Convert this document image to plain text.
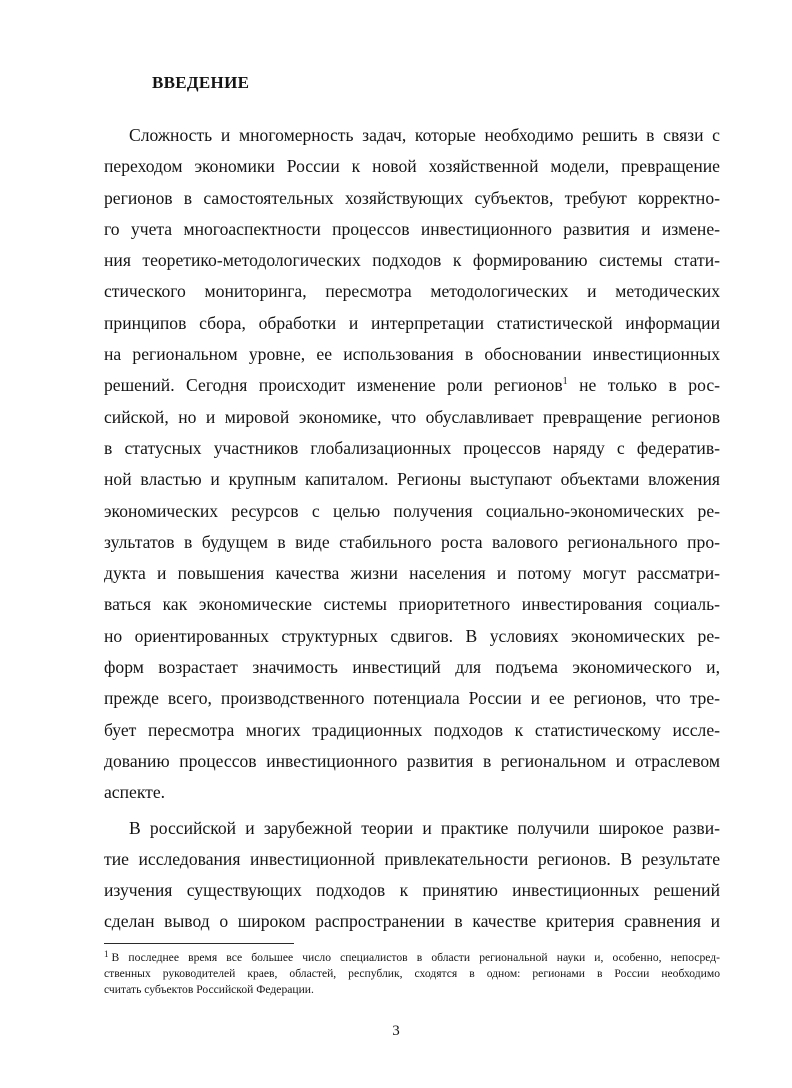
ВВЕДЕНИЕ

Сложность и многомерность задач, которые необходимо решить в связи с
переходом экономики России к новой хозяйственной модели, превращение
регионов в самостоятельных хозяйствующих субъектов, требуют корректно-
го учета многоаспектности процессов инвестиционного развития и измене-
ния теоретико-методологических подходов к формированию системы стати-
стического мониторинга, пересмотра методологических и методических
принципов сбора, обработки и интерпретации статистической информации
на региональном уровне, ее использования в обосновании инвестиционных
решений. Сегодня происходит изменение роли регионов$^1$ не только в рос-
сийской, но и мировой экономике, что обуславливает превращение регионов
в статусных участников глобализационных процессов наряду с федератив-
ной властью и крупным капиталом. Регионы выступают объектами вложения
экономических ресурсов с целью получения социально-экономических ре-
зультатов в будущем в виде стабильного роста валового регионального про-
дукта и повышения качества жизни населения и потому могут рассматри-
ваться как экономические системы приоритетного инвестирования социаль-
но ориентированных структурных сдвигов. В условиях экономических ре-
форм возрастает значимость инвестиций для подъема экономического и,
прежде всего, производственного потенциала России и ее регионов, что тре-
бует пересмотра многих традиционных подходов к статистическому иссле-
дованию процессов инвестиционного развития в региональном и отраслевом
аспекте.

В российской и зарубежной теории и практике получили широкое разви-
тие исследования инвестиционной привлекательности регионов. В результате
изучения существующих подходов к принятию инвестиционных решений
сделан вывод о широком распространении в качестве критерия сравнения и

$^1$ В последнее время все большее число специалистов в области региональной науки и, особенно, непосред-
ственных руководителей краев, областей, республик, сходятся в одном: регионами в России необходимо
считать субъектов Российской Федерации.

3
